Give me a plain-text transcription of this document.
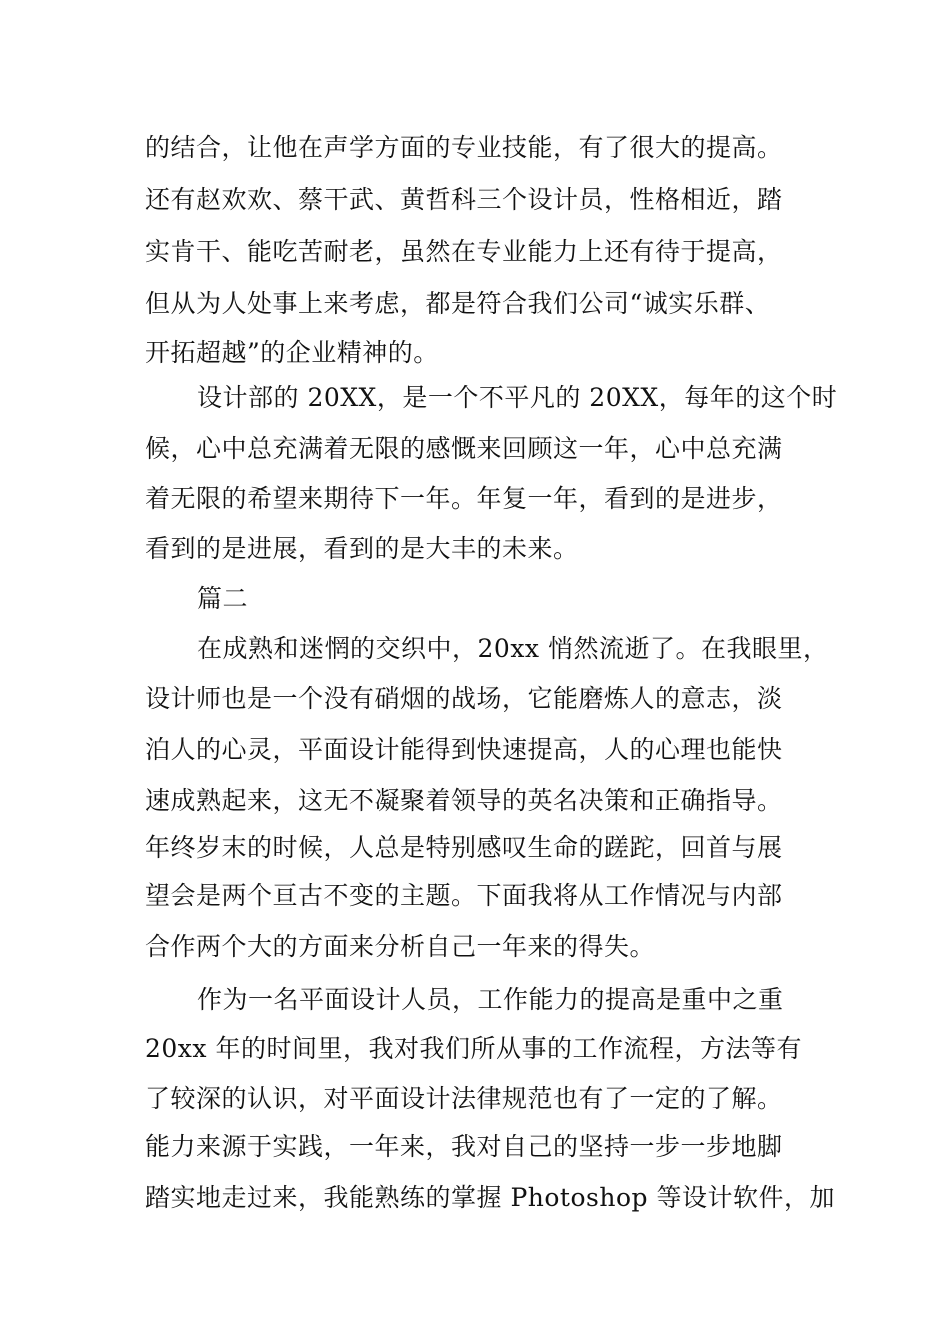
的结合，让他在声学方面的专业技能，有了很大的提高。
还有赵欢欢、蔡干武、黄哲科三个设计员，性格相近，踏
实肯干、能吃苦耐老，虽然在专业能力上还有待于提高，
但从为人处事上来考虑，都是符合我们公司“诚实乐群、
开拓超越”的企业精神的。
设计部的 20XX，是一个不平凡的 20XX，每年的这个时
候，心中总充满着无限的感慨来回顾这一年，心中总充满
着无限的希望来期待下一年。年复一年，看到的是进步，
看到的是进展，看到的是大丰的未来。
篇二
在成熟和迷惘的交织中，20xx 悄然流逝了。在我眼里，
设计师也是一个没有硝烟的战场，它能磨炼人的意志，淡
泊人的心灵，平面设计能得到快速提高，人的心理也能快
速成熟起来，这无不凝聚着领导的英名决策和正确指导。
年终岁末的时候，人总是特别感叹生命的蹉跎，回首与展
望会是两个亘古不变的主题。下面我将从工作情况与内部
合作两个大的方面来分析自己一年来的得失。
作为一名平面设计人员，工作能力的提高是重中之重
20xx 年的时间里，我对我们所从事的工作流程，方法等有
了较深的认识，对平面设计法律规范也有了一定的了解。
能力来源于实践，一年来，我对自己的坚持一步一步地脚
踏实地走过来，我能熟练的掌握 Photoshop 等设计软件，加
